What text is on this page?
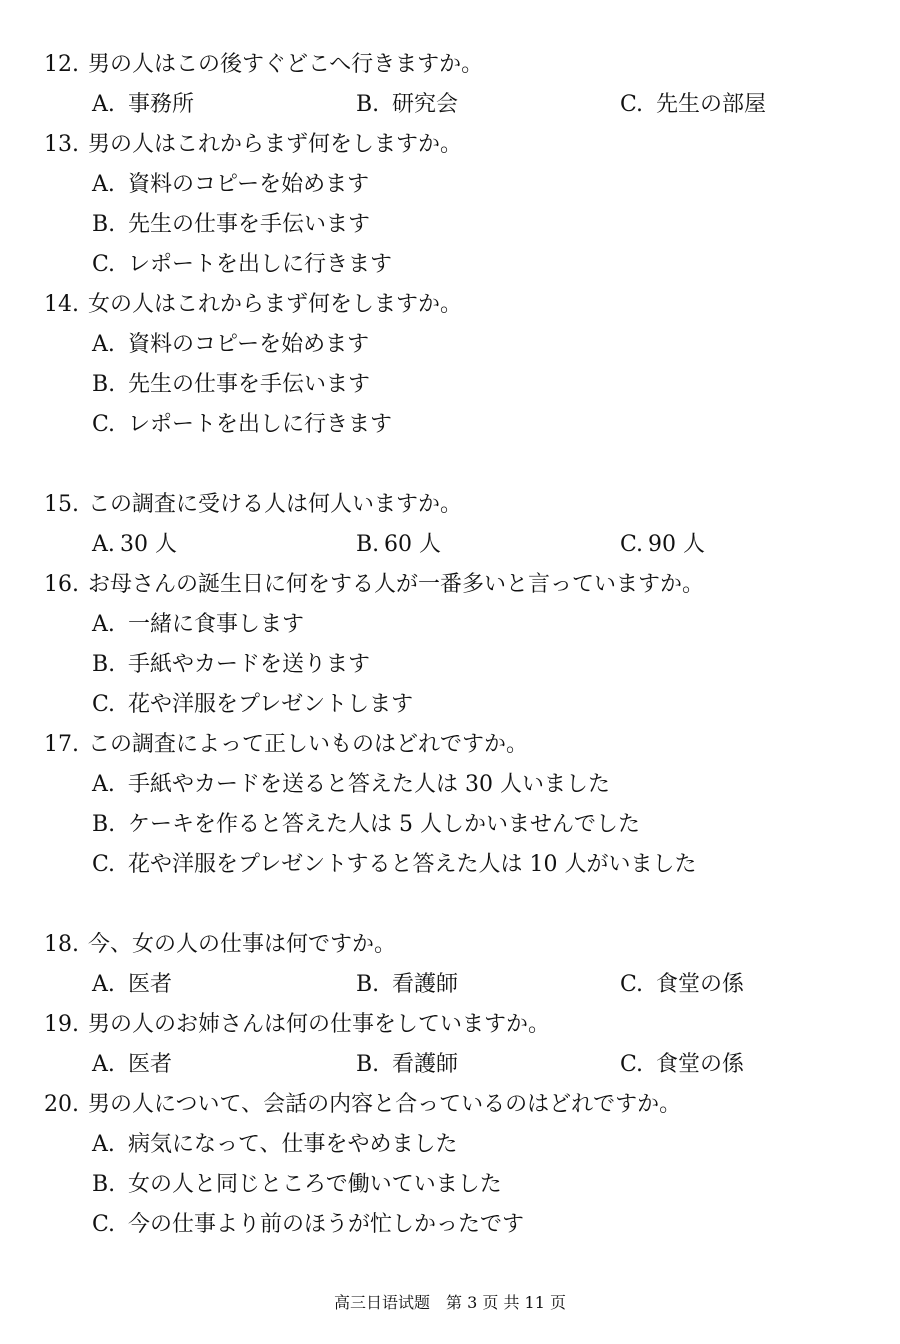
12. 男の人はこの後すぐどこへ行きますか。
A. 事務所	B. 研究会	C. 先生の部屋
13. 男の人はこれからまず何をしますか。
A. 資料のコピーを始めます
B. 先生の仕事を手伝います
C. レポートを出しに行きます
14. 女の人はこれからまず何をしますか。
A. 資料のコピーを始めます
B. 先生の仕事を手伝います
C. レポートを出しに行きます
15. この調査に受ける人は何人いますか。
A. 30 人	B. 60 人	C. 90 人
16. お母さんの誕生日に何をする人が一番多いと言っていますか。
A. 一緒に食事します
B. 手紙やカードを送ります
C. 花や洋服をプレゼントします
17. この調査によって正しいものはどれですか。
A. 手紙やカードを送ると答えた人は 30 人いました
B. ケーキを作ると答えた人は 5 人しかいませんでした
C. 花や洋服をプレゼントすると答えた人は 10 人がいました
18. 今、女の人の仕事は何ですか。
A. 医者	B. 看護師	C. 食堂の係
19. 男の人のお姉さんは何の仕事をしていますか。
A. 医者	B. 看護師	C. 食堂の係
20. 男の人について、会話の内容と合っているのはどれですか。
A. 病気になって、仕事をやめました
B. 女の人と同じところで働いていました
C. 今の仕事より前のほうが忙しかったです
高三日语试题　第 3 页 共 11 页
